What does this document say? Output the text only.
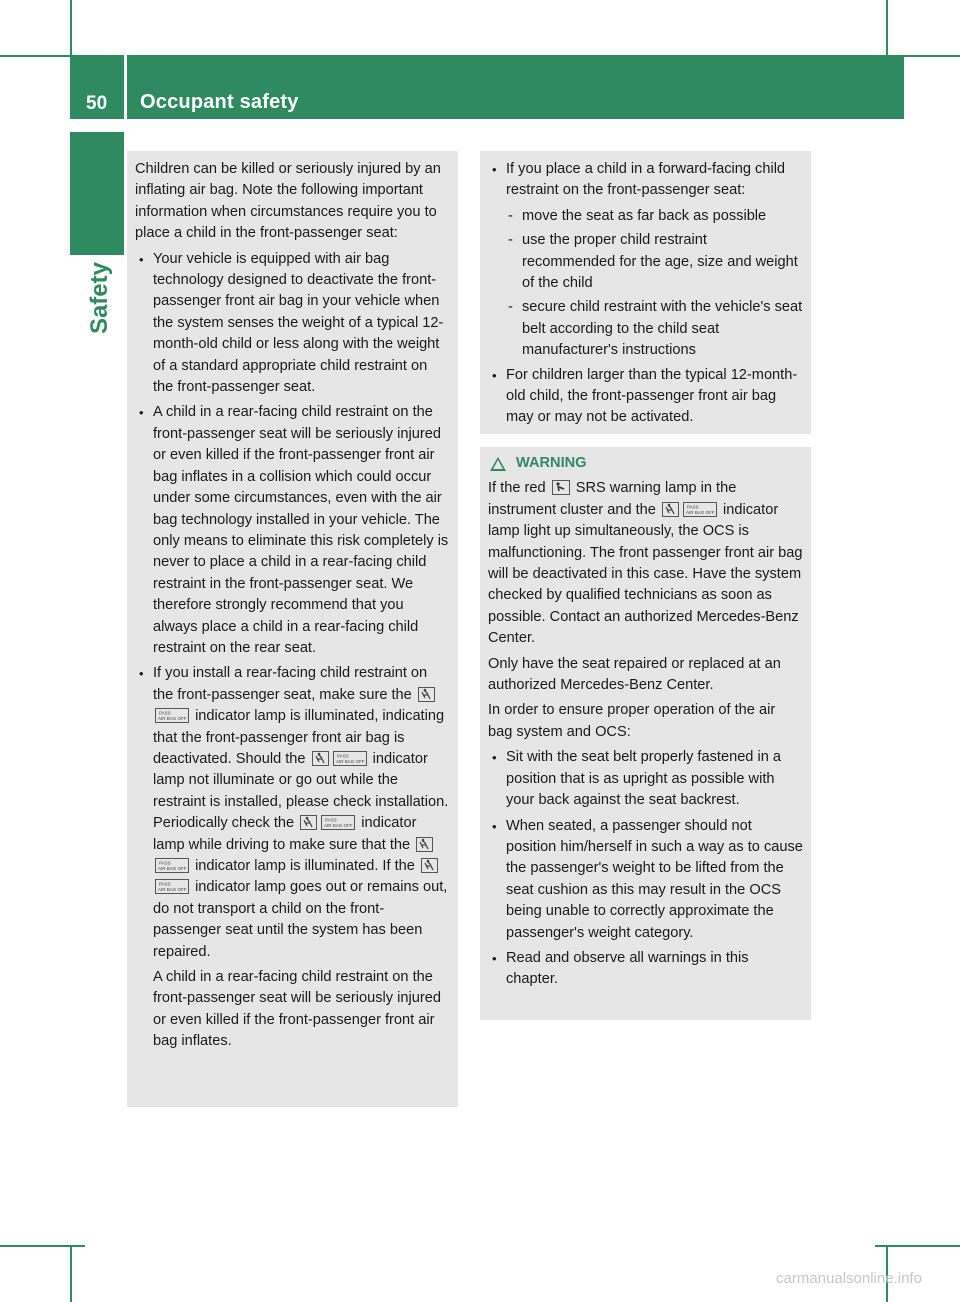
50 Occupant safety
Safety

Children can be killed or seriously injured by an inflating air bag. Note the following important information when circumstances require you to place a child in the front-passenger seat:

• Your vehicle is equipped with air bag technology designed to deactivate the front-passenger front air bag in your vehicle when the system senses the weight of a typical 12-month-old child or less along with the weight of a standard appropriate child restraint on the front-passenger seat.
• A child in a rear-facing child restraint on the front-passenger seat will be seriously injured or even killed if the front-passenger front air bag inflates in a collision which could occur under some circumstances, even with the air bag technology installed in your vehicle. The only means to eliminate this risk completely is never to place a child in a rear-facing child restraint in the front-passenger seat. We therefore strongly recommend that you always place a child in a rear-facing child restraint on the rear seat.
• If you install a rear-facing child restraint on the front-passenger seat, make sure the
PASS
AIR BAG OFF indicator lamp is illuminated, indicating that the front-passenger front air bag is deactivated. Should the	PASS
AIR BAG OFF indicator lamp not illuminate or go out while the restraint is installed, please check installation. Periodically check the	PASS
AIR BAG OFF indicator lamp while driving to make sure that the
PASS
AIR BAG OFF indicator lamp is illuminated. If the
PASS
AIR BAG OFF indicator lamp goes out or remains out, do not transport a child on the front-passenger seat until the system has been repaired.

A child in a rear-facing child restraint on the front-passenger seat will be seriously injured or even killed if the front-passenger front air bag inflates.

• If you place a child in a forward-facing child restraint on the front-passenger seat:
- move the seat as far back as possible
- use the proper child restraint recommended for the age, size and weight of the child
- secure child restraint with the vehicle's seat belt according to the child seat manufacturer's instructions
• For children larger than the typical 12-month-old child, the front-passenger front air bag may or may not be activated.
WARNING

If the red SRS warning lamp in the instrument cluster and the	PASS
AIR BAG OFF indicator lamp light up simultaneously, the OCS is malfunctioning. The front passenger front air bag will be deactivated in this case. Have the system checked by qualified technicians as soon as possible. Contact an authorized Mercedes-Benz Center.

Only have the seat repaired or replaced at an authorized Mercedes-Benz Center.

In order to ensure proper operation of the air bag system and OCS:

• Sit with the seat belt properly fastened in a position that is as upright as possible with your back against the seat backrest.
• When seated, a passenger should not position him/herself in such a way as to cause the passenger's weight to be lifted from the seat cushion as this may result in the OCS being unable to correctly approximate the passenger's weight category.
• Read and observe all warnings in this chapter.
carmanualsonline.info
